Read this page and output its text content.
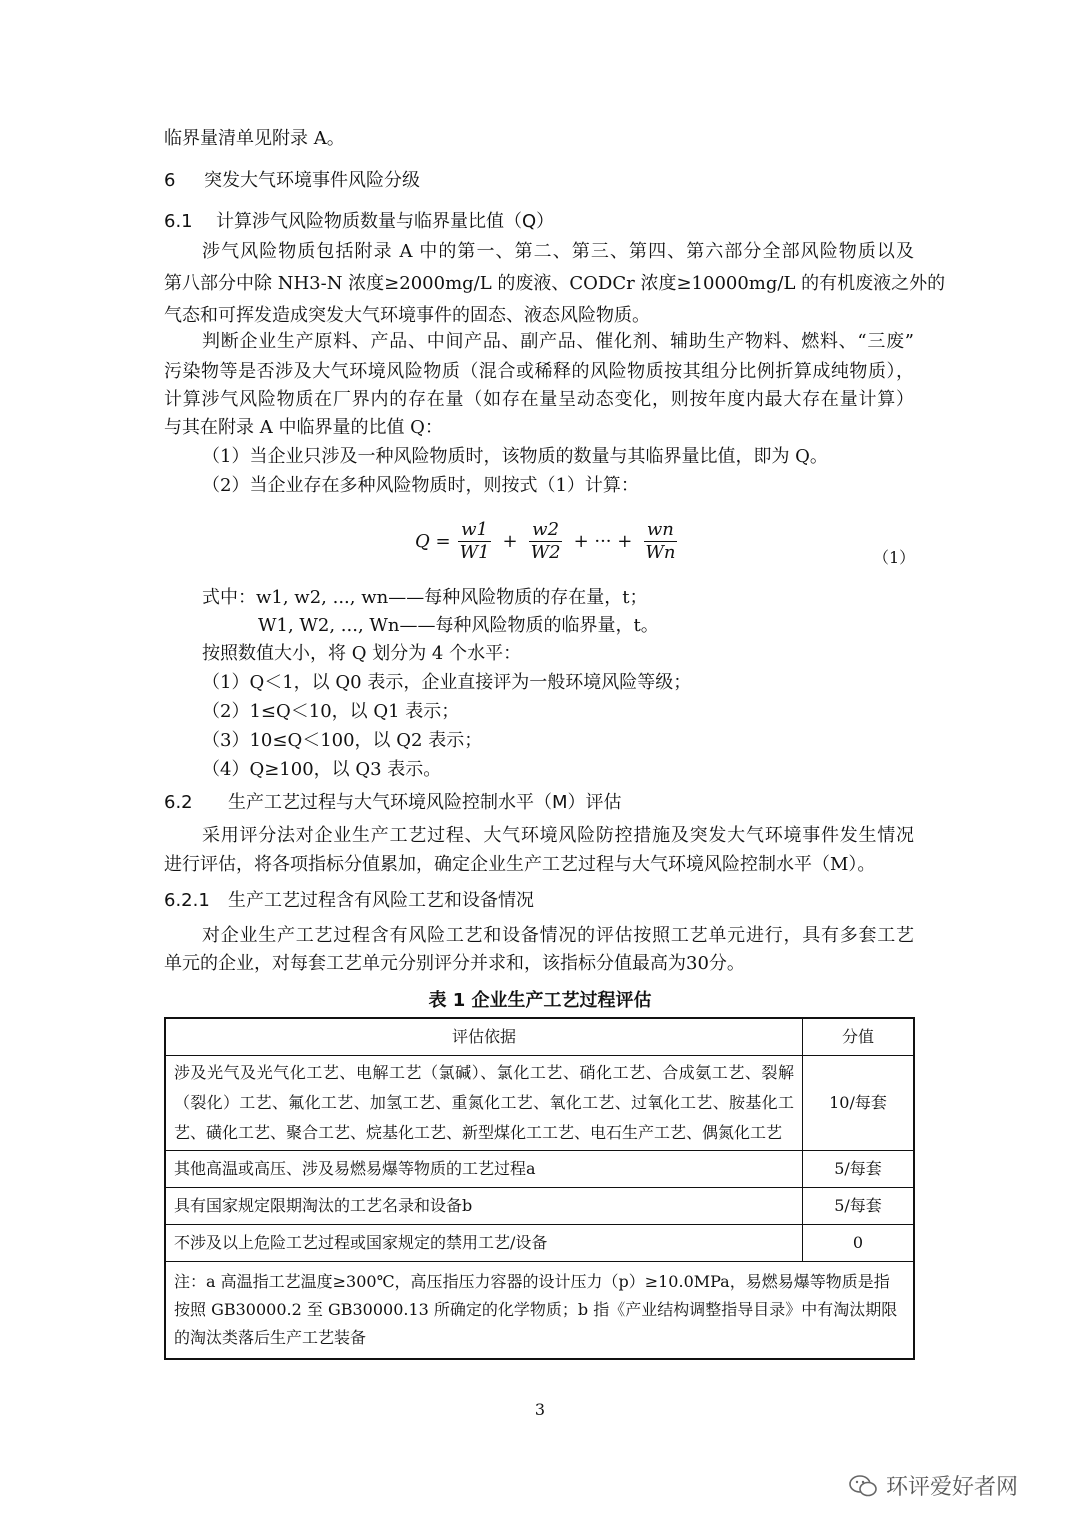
临界量清单见附录 A。
6 突发大气环境事件风险分级
6.1 计算涉气风险物质数量与临界量比值（Q）
涉气风险物质包括附录 A 中的第一、第二、第三、第四、第六部分全部风险物质以及
第八部分中除 NH3-N 浓度≥2000mg/L 的废液、CODCr 浓度≥10000mg/L 的有机废液之外的
气态和可挥发造成突发大气环境事件的固态、液态风险物质。
判断企业生产原料、产品、中间产品、副产品、催化剂、辅助生产物料、燃料、“三废”
污染物等是否涉及大气环境风险物质（混合或稀释的风险物质按其组分比例折算成纯物质），
计算涉气风险物质在厂界内的存在量（如存在量呈动态变化，则按年度内最大存在量计算）
与其在附录 A 中临界量的比值 Q：
（1）当企业只涉及一种风险物质时，该物质的数量与其临界量比值，即为 Q。
（2）当企业存在多种风险物质时，则按式（1）计算：
$Q = \frac{w1}{W1} + \frac{w2}{W2}$ + ··· + $\frac{wn}{Wn}$	（1）
式中：w1, w2, ..., wn——每种风险物质的存在量，t；
W1, W2, ..., Wn——每种风险物质的临界量，t。
按照数值大小，将 Q 划分为 4 个水平：
（1）Q＜1，以 Q0 表示，企业直接评为一般环境风险等级；
（2）1≤Q＜10，以 Q1 表示；
（3）10≤Q＜100，以 Q2 表示；
（4）Q≥100，以 Q3 表示。
6.2 生产工艺过程与大气环境风险控制水平（M）评估
采用评分法对企业生产工艺过程、大气环境风险防控措施及突发大气环境事件发生情况
进行评估，将各项指标分值累加，确定企业生产工艺过程与大气环境风险控制水平（M）。
6.2.1 生产工艺过程含有风险工艺和设备情况
对企业生产工艺过程含有风险工艺和设备情况的评估按照工艺单元进行，具有多套工艺
单元的企业，对每套工艺单元分别评分并求和，该指标分值最高为30分。
表 1 企业生产工艺过程评估
评估依据	分值
涉及光气及光气化工艺、电解工艺（氯碱）、氯化工艺、硝化工艺、合成氨工艺、裂解（裂化）工艺、氟化工艺、加氢工艺、重氮化工艺、氧化工艺、过氧化工艺、胺基化工艺、磺化工艺、聚合工艺、烷基化工艺、新型煤化工工艺、电石生产工艺、偶氮化工艺	10/每套
其他高温或高压、涉及易燃易爆等物质的工艺过程a	5/每套
具有国家规定限期淘汰的工艺名录和设备b	5/每套
不涉及以上危险工艺过程或国家规定的禁用工艺/设备	0
注：a 高温指工艺温度≥300℃，高压指压力容器的设计压力（p）≥10.0MPa，易燃易爆等物质是指按照 GB30000.2 至 GB30000.13 所确定的化学物质；b 指《产业结构调整指导目录》中有淘汰期限的淘汰类落后生产工艺装备	
3
环评爱好者网
